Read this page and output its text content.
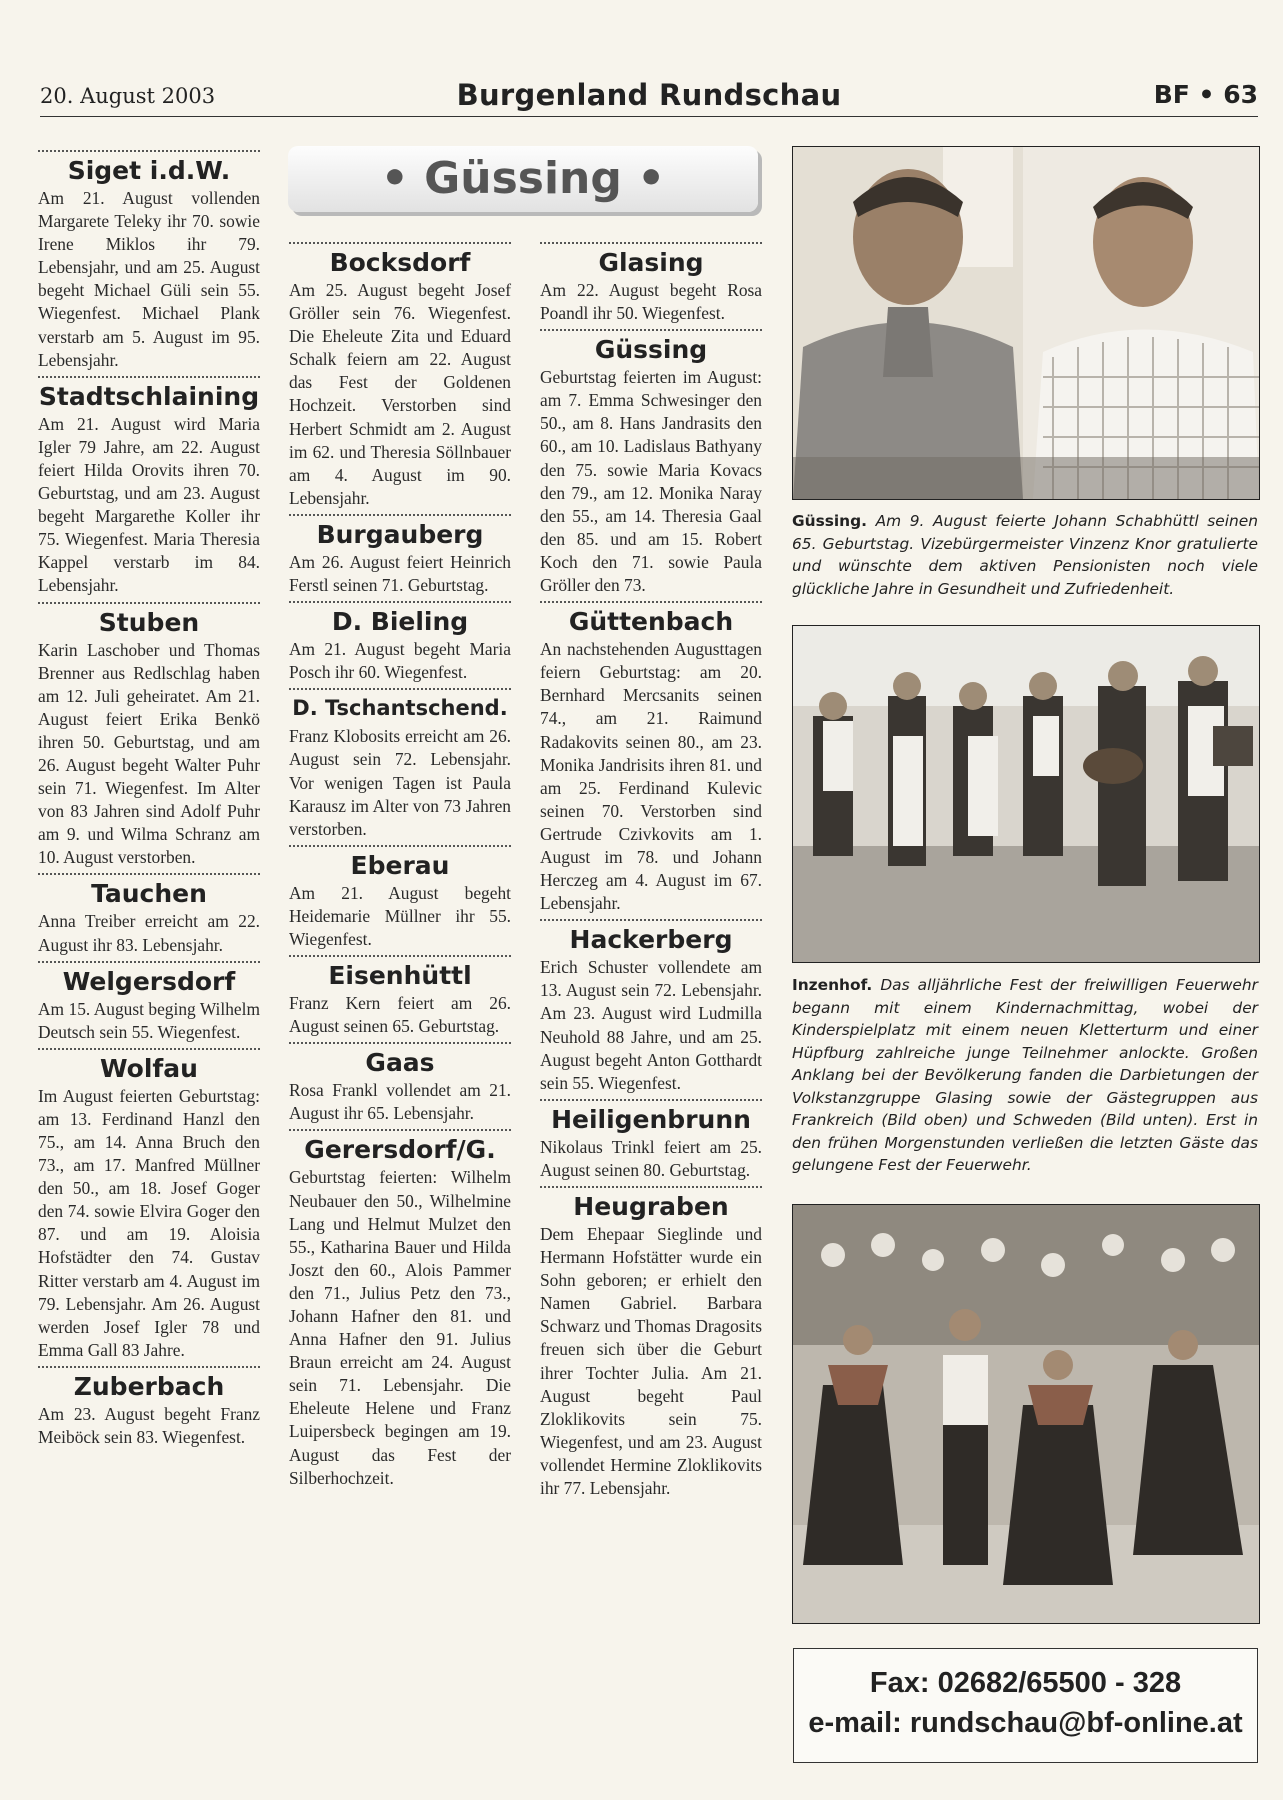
20. August 2003	Burgenland Rundschau	BF • 63
• Güssing •
Siget i.d.W.

Am 21. August vollenden Margarete Teleky ihr 70. sowie Irene Miklos ihr 79. Lebensjahr, und am 25. August begeht Michael Güli sein 55. Wiegenfest. Michael Plank verstarb am 5. August im 95. Lebensjahr.

Stadtschlaining

Am 21. August wird Maria Igler 79 Jahre, am 22. August feiert Hilda Orovits ihren 70. Geburtstag, und am 23. August begeht Margarethe Koller ihr 75. Wiegenfest. Maria Theresia Kappel verstarb im 84. Lebensjahr.

Stuben

Karin Laschober und Thomas Brenner aus Redlschlag haben am 12. Juli geheiratet. Am 21. August feiert Erika Benkö ihren 50. Geburtstag, und am 26. August begeht Walter Puhr sein 71. Wiegenfest. Im Alter von 83 Jahren sind Adolf Puhr am 9. und Wilma Schranz am 10. August verstorben.

Tauchen

Anna Treiber erreicht am 22. August ihr 83. Lebensjahr.

Welgersdorf

Am 15. August beging Wilhelm Deutsch sein 55. Wiegenfest.

Wolfau

Im August feierten Geburtstag: am 13. Ferdinand Hanzl den 75., am 14. Anna Bruch den 73., am 17. Manfred Müllner den 50., am 18. Josef Goger den 74. sowie Elvira Goger den 87. und am 19. Aloisia Hofstädter den 74. Gustav Ritter verstarb am 4. August im 79. Lebensjahr. Am 26. August werden Josef Igler 78 und Emma Gall 83 Jahre.

Zuberbach

Am 23. August begeht Franz Meiböck sein 83. Wiegenfest.

Bocksdorf

Am 25. August begeht Josef Gröller sein 76. Wiegenfest. Die Eheleute Zita und Eduard Schalk feiern am 22. August das Fest der Goldenen Hochzeit. Verstorben sind Herbert Schmidt am 2. August im 62. und Theresia Söllnbauer am 4. August im 90. Lebensjahr.

Burgauberg

Am 26. August feiert Heinrich Ferstl seinen 71. Geburtstag.

D. Bieling

Am 21. August begeht Maria Posch ihr 60. Wiegenfest.

D. Tschantschend.

Franz Klobosits erreicht am 26. August sein 72. Lebensjahr. Vor wenigen Tagen ist Paula Karausz im Alter von 73 Jahren verstorben.

Eberau

Am 21. August begeht Heidemarie Müllner ihr 55. Wiegenfest.

Eisenhüttl

Franz Kern feiert am 26. August seinen 65. Geburtstag.

Gaas

Rosa Frankl vollendet am 21. August ihr 65. Lebensjahr.

Gerersdorf/G.

Geburtstag feierten: Wilhelm Neubauer den 50., Wilhelmine Lang und Helmut Mulzet den 55., Katharina Bauer und Hilda Joszt den 60., Alois Pammer den 71., Julius Petz den 73., Johann Hafner den 81. und Anna Hafner den 91. Julius Braun erreicht am 24. August sein 71. Lebensjahr. Die Eheleute Helene und Franz Luipersbeck begingen am 19. August das Fest der Silberhochzeit.

Glasing

Am 22. August begeht Rosa Poandl ihr 50. Wiegenfest.

Güssing

Geburtstag feierten im August: am 7. Emma Schwesinger den 50., am 8. Hans Jandrasits den 60., am 10. Ladislaus Bathyany den 75. sowie Maria Kovacs den 79., am 12. Monika Naray den 55., am 14. Theresia Gaal den 85. und am 15. Robert Koch den 71. sowie Paula Gröller den 73.

Güttenbach

An nachstehenden Augusttagen feiern Geburtstag: am 20. Bernhard Mercsanits seinen 74., am 21. Raimund Radakovits seinen 80., am 23. Monika Jandrisits ihren 81. und am 25. Ferdinand Kulevic seinen 70. Verstorben sind Gertrude Czivkovits am 1. August im 78. und Johann Herczeg am 4. August im 67. Lebensjahr.

Hackerberg

Erich Schuster vollendete am 13. August sein 72. Lebensjahr. Am 23. August wird Ludmilla Neuhold 88 Jahre, und am 25. August begeht Anton Gotthardt sein 55. Wiegenfest.

Heiligenbrunn

Nikolaus Trinkl feiert am 25. August seinen 80. Geburtstag.

Heugraben

Dem Ehepaar Sieglinde und Hermann Hofstätter wurde ein Sohn geboren; er erhielt den Namen Gabriel. Barbara Schwarz und Thomas Dragosits freuen sich über die Geburt ihrer Tochter Julia. Am 21. August begeht Paul Zloklikovits sein 75. Wiegenfest, und am 23. August vollendet Hermine Zloklikovits ihr 77. Lebensjahr.

Güssing. Am 9. August feierte Johann Schabhüttl seinen 65. Geburtstag. Vizebürgermeister Vinzenz Knor gratulierte und wünschte dem aktiven Pensionisten noch viele glückliche Jahre in Gesundheit und Zufriedenheit.
Inzenhof. Das alljährliche Fest der freiwilligen Feuerwehr begann mit einem Kindernachmittag, wobei der Kinderspielplatz mit einem neuen Kletterturm und einer Hüpfburg zahlreiche junge Teilnehmer anlockte. Großen Anklang bei der Bevölkerung fanden die Darbietungen der Volkstanzgruppe Glasing sowie der Gästegruppen aus Frankreich (Bild oben) und Schweden (Bild unten). Erst in den frühen Morgenstunden verließen die letzten Gäste das gelungene Fest der Feuerwehr.
Fax: 02682/65500 - 328
e-mail: rundschau@bf-online.at
